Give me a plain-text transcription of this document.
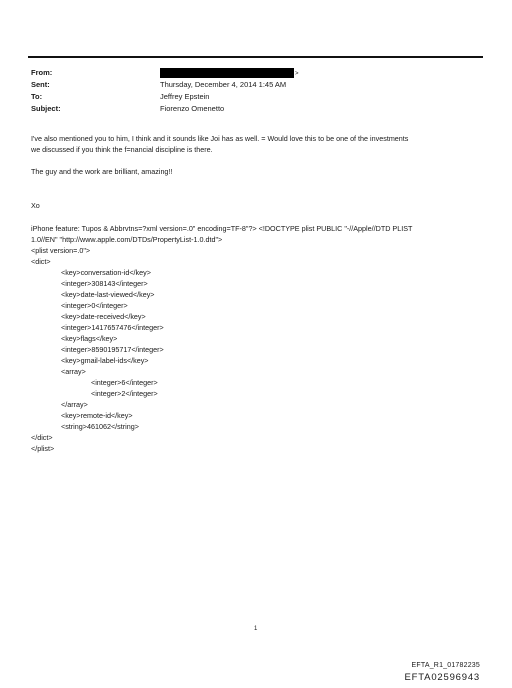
From:	>
Sent:	Thursday, December 4, 2014 1:45 AM
To:	Jeffrey Epstein
Subject:	Fiorenzo Omenetto
I've also mentioned you to him, I think and it sounds like Joi has as well. = Would love this to be one of the investments
we discussed if you think the f=nancial discipline is there.
The guy and the work are brilliant, amazing!!
Xo
iPhone feature: Tupos & Abbrvtns=?xml version=.0" encoding=TF-8"?> <!DOCTYPE plist PUBLIC "-//Apple//DTD PLIST
1.0//EN" "http://www.apple.com/DTDs/PropertyList-1.0.dtd">
<plist version=.0">
<dict>
<key>conversation-id</key>
<integer>308143</integer>
<key>date-last-viewed</key>
<integer>0</integer>
<key>date-received</key>
<integer>1417657476</integer>
<key>flags</key>
<integer>8590195717</integer>
<key>gmail-label-ids</key>
<array>
<integer>6</integer>
<integer>2</integer>
</array>
<key>remote-id</key>
<string>461062</string>
</dict>
</plist>
1
EFTA_R1_01782235
EFTA02596943
